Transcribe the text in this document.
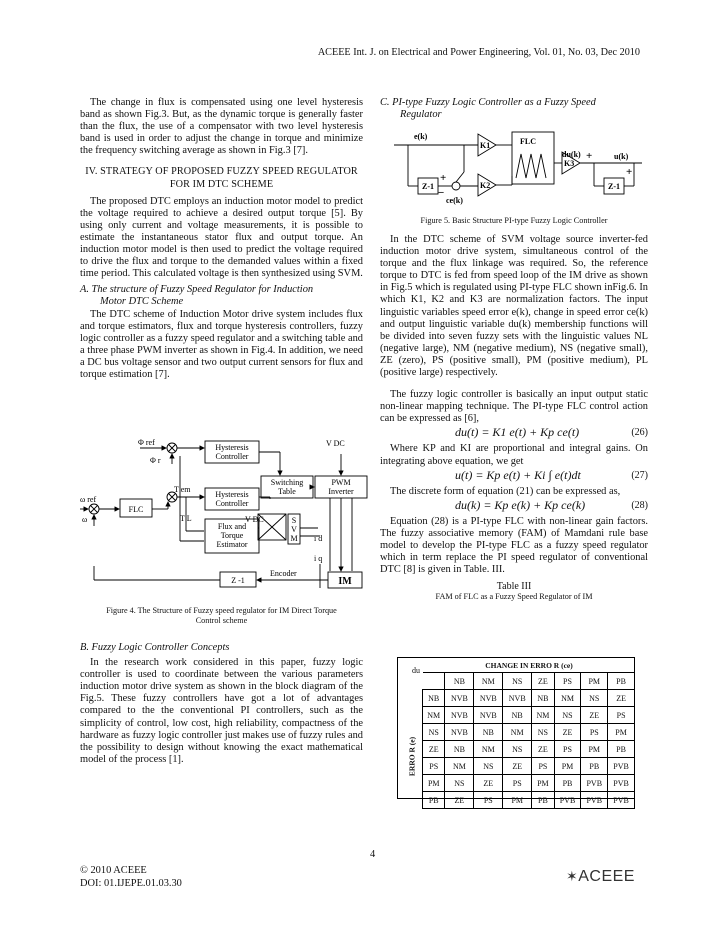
ACEEE Int. J. on Electrical and Power Engineering, Vol. 01, No. 03, Dec 2010

The change in flux is compensated using one level hysteresis band as shown Fig.3. But, as the dynamic torque is generally faster than the flux, the use of a compensator with two level hysteresis band is used in order to adjust the change in torque and minimize the frequency switching average as shown in Fig.3 [7].

IV. STRATEGY OF PROPOSED FUZZY SPEED REGULATOR

FOR IM DTC SCHEME

The proposed DTC employs an induction motor model to predict the voltage required to achieve a desired output torque [5]. By using only current and voltage measurements, it is possible to estimate the instantaneous stator flux and output torque. An induction motor model is then used to predict the voltage required to drive the flux and torque to the demanded values within a fixed time period. This calculated voltage is then synthesized using SVM.

A. The structure of Fuzzy Speed Regulator for Induction

Motor DTC Scheme

The DTC scheme of Induction Motor drive system includes flux and torque estimators, flux and torque hysteresis controllers, fuzzy logic controller as a fuzzy speed regulator and a switching table and a three phase PWM inverter as shown in Fig.4. In addition, we need a DC bus voltage sensor and two output current sensors for flux and torque estimation [7].

Φ ref
Φ r
ω ref
ω
T em
T L
V DC
V DC
Hysteresis
Controller
Hysteresis
Controller
Switching
Table
PWM
Inverter
FLC
Flux and
Torque
Estimator
S
V
M i d
i q
Encoder
Z -1	IM

Figure 4. The Structure of Fuzzy speed regulator for IM Direct Torque

Control scheme

B. Fuzzy Logic Controller Concepts

In the research work considered in this paper, fuzzy logic controller is used to coordinate between the various parameters induction motor drive system as shown in the block diagram of the Fig.5. These fuzzy controllers have got a lot of advantages compared to the the conventional PI controllers, such as the simplicity of control, low cost, high reliability, compactness of the hardware as fuzzy logic controller just makes use of fuzzy rules and the possibility to design without knowing the exact mathematical model of the process [1].

C. PI-type Fuzzy Logic Controller as a Fuzzy Speed

Regulator

e(k)
K1	FLC
du(k)
K3
u(k)
Z-1	K2
ce(k)
Z-1
+
−
+
+

Figure 5. Basic Structure PI-type Fuzzy Logic Controller

In the DTC scheme of SVM voltage source inverter-fed induction motor drive system, simultaneous control of the torque and the flux linkage was required. So, the reference torque to DTC is fed from speed loop of the IM drive as shown in Fig.5 which is regulated using PI-type FLC shown inFig.6. In which K1, K2 and K3 are normalization factors. The input linguistic variables speed error e(k), change in speed error ce(k) and output linguistic variable du(k) membership functions will be divided into seven fuzzy sets with the linguistic values NL (negative large), NM (negative medium), NS (negative small), ZE (zero), PS (positive small), PM (positive medium), PL (positive large) respectively.

The fuzzy logic controller is basically an input output static non-linear mapping technique. The PI-type FLC control action can be expressed as [6],

du(t) = K1 e(t) + Kp ce(t)	(26)

Where KP and KI are proportional and integral gains. On integrating above equation, we get

u(t) = Kp e(t) + Ki ∫ e(t)dt	(27)

The discrete form of equation (21) can be expressed as,

du(k) = Kp e(k) + Kp ce(k)	(28)

Equation (28) is a PI-type FLC with non-linear gain factors. The fuzzy associative memory (FAM) of Mamdani rule base model to develop the PI-type FLC as a fuzzy speed regulator which in term replace the PI speed regulator of conventional DTC [8] is given in Table. III.

Table III

FAM of FLC as a Fuzzy Speed Regulator of IM

du
ERRO R (e)
CHANGE IN ERRO R (ce)
	NB	NM	NS	ZE	PS	PM	PB
NB	NVB	NVB	NVB	NB	NM	NS	ZE
NM	NVB	NVB	NB	NM	NS	ZE	PS
NS	NVB	NB	NM	NS	ZE	PS	PM
ZE	NB	NM	NS	ZE	PS	PM	PB
PS	NM	NS	ZE	PS	PM	PB	PVB
PM	NS	ZE	PS	PM	PB	PVB	PVB
PB	ZE	PS	PM	PB	PVB	PVB	PVB
4
© 2010 ACEEE
DOI: 01.IJEPE.01.03.30	✶ACEEE
